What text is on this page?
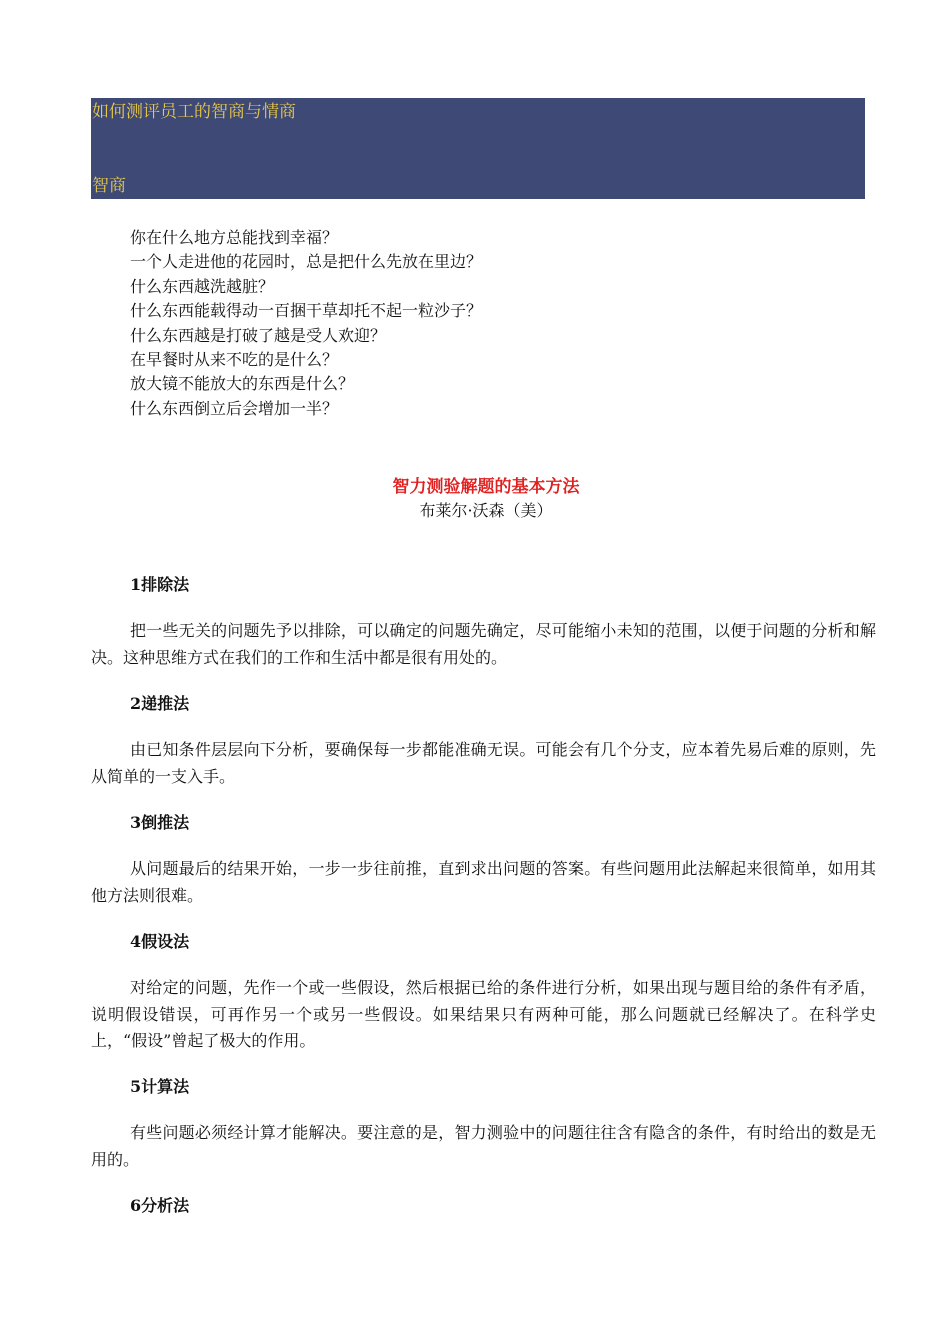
如何测评员工的智商与情商
智商
你在什么地方总能找到幸福？
一个人走进他的花园时，总是把什么先放在里边？
什么东西越洗越脏？
什么东西能载得动一百捆干草却托不起一粒沙子？
什么东西越是打破了越是受人欢迎？
在早餐时从来不吃的是什么？
放大镜不能放大的东西是什么？
什么东西倒立后会增加一半？
智力测验解题的基本方法
布莱尔·沃森（美）
1排除法

把一些无关的问题先予以排除，可以确定的问题先确定，尽可能缩小未知的范围，以便于问题的分析和解决。这种思维方式在我们的工作和生活中都是很有用处的。

2递推法

由已知条件层层向下分析，要确保每一步都能准确无误。可能会有几个分支，应本着先易后难的原则，先从简单的一支入手。

3倒推法

从问题最后的结果开始，一步一步往前推，直到求出问题的答案。有些问题用此法解起来很简单，如用其他方法则很难。

4假设法

对给定的问题，先作一个或一些假设，然后根据已给的条件进行分析，如果出现与题目给的条件有矛盾，说明假设错误，可再作另一个或另一些假设。如果结果只有两种可能，那么问题就已经解决了。在科学史上，“假设”曾起了极大的作用。

5计算法

有些问题必须经计算才能解决。要注意的是，智力测验中的问题往往含有隐含的条件，有时给出的数是无用的。

6分析法
